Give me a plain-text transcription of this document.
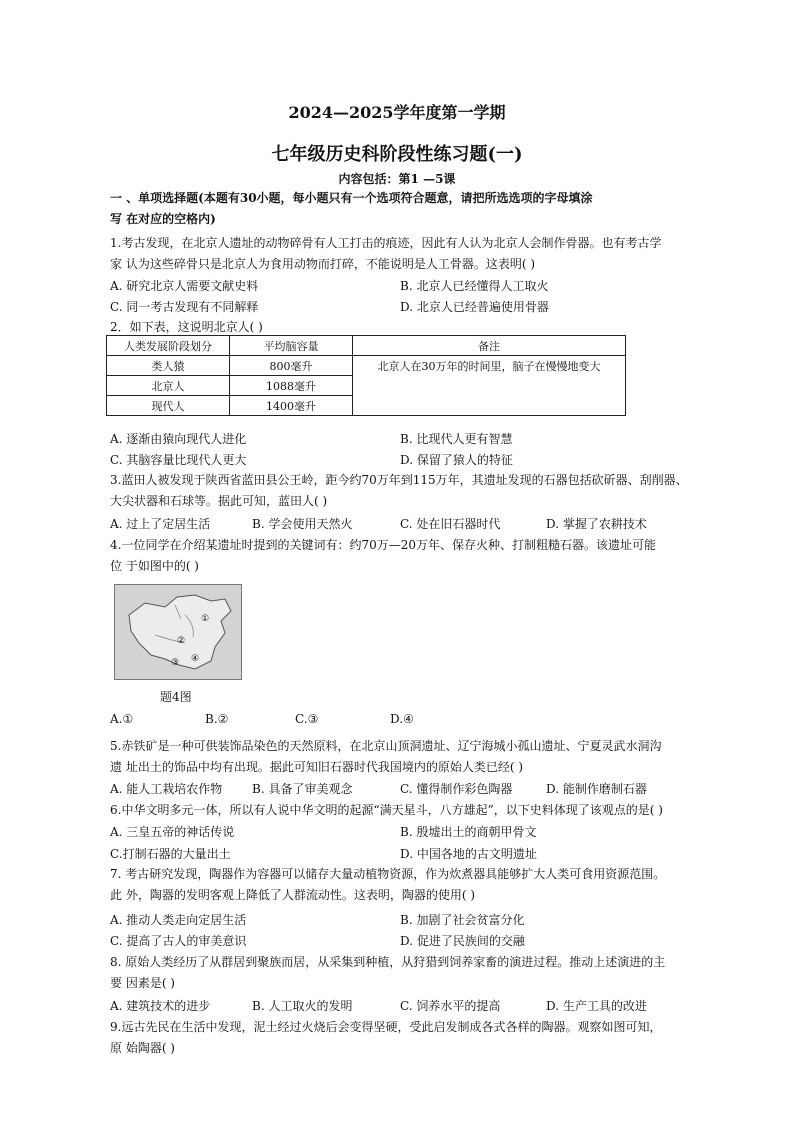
2024—2025学年度第一学期
七年级历史科阶段性练习题(一)
内容包括：第1 —5课
一 、单项选择题(本题有30小题，每小题只有一个选项符合题意，请把所选选项的字母填涂
写 在对应的空格内)
1.考古发现，在北京人遗址的动物碎骨有人工打击的痕迹，因此有人认为北京人会制作骨器。也有考古学
家 认为这些碎骨只是北京人为食用动物而打碎，不能说明是人工骨器。这表明( )
A. 研究北京人需要文献史料	B. 北京人已经懂得人工取火
C. 同一考古发现有不同解释	D. 北京人已经普遍使用骨器
2．如下表，这说明北京人( )
人类发展阶段划分	平均脑容量	备注
类人猿	800毫升	北京人在30万年的时间里，脑子在慢慢地变大
北京人	1088毫升	
现代人	1400毫升	
A. 逐渐由猿向现代人进化	B. 比现代人更有智慧
C. 其脑容量比现代人更大	D. 保留了猿人的特征
3.蓝田人被发现于陕西省蓝田县公王岭，距今约70万年到115万年，其遗址发现的石器包括砍斫器、刮削器、
大尖状器和石球等。据此可知，蓝田人( )
A. 过上了定居生活	B. 学会使用天然火	C. 处在旧石器时代	D. 掌握了农耕技术
4.一位同学在介绍某遗址时提到的关键词有：约70万—20万年、保存火种、打制粗糙石器。该遗址可能
位 于如图中的( )
①
②
③ ④
题4图
A.①	B.②	C.③	D.④
5.赤铁矿是一种可供装饰品染色的天然原料，在北京山顶洞遗址、辽宁海城小孤山遗址、宁夏灵武水洞沟
遗 址出土的饰品中均有出现。据此可知旧石器时代我国境内的原始人类已经( )
A. 能人工栽培农作物 B. 具备了审美观念	C. 懂得制作彩色陶器	D. 能制作磨制石器
6.中华文明多元一体，所以有人说中华文明的起源“满天星斗，八方雄起”，以下史料体现了该观点的是( )
A. 三皇五帝的神话传说	B. 殷墟出土的商朝甲骨文
C.打制石器的大量出土	D. 中国各地的古文明遗址
7. 考古研究发现，陶器作为容器可以储存大量动植物资源，作为炊煮器具能够扩大人类可食用资源范围。
此 外，陶器的发明客观上降低了人群流动性。这表明，陶器的使用( )
A. 推动人类走向定居生活	B. 加剧了社会贫富分化
C. 提高了古人的审美意识	D. 促进了民族间的交融
8. 原始人类经历了从群居到聚族而居，从采集到种植，从狩猎到饲养家畜的演进过程。推动上述演进的主
要 因素是( )
A. 建筑技术的进步	B. 人工取火的发明	C. 饲养水平的提高	D. 生产工具的改进
9.远古先民在生活中发现，泥土经过火烧后会变得坚硬，受此启发制成各式各样的陶器。观察如图可知，
原 始陶器( )
